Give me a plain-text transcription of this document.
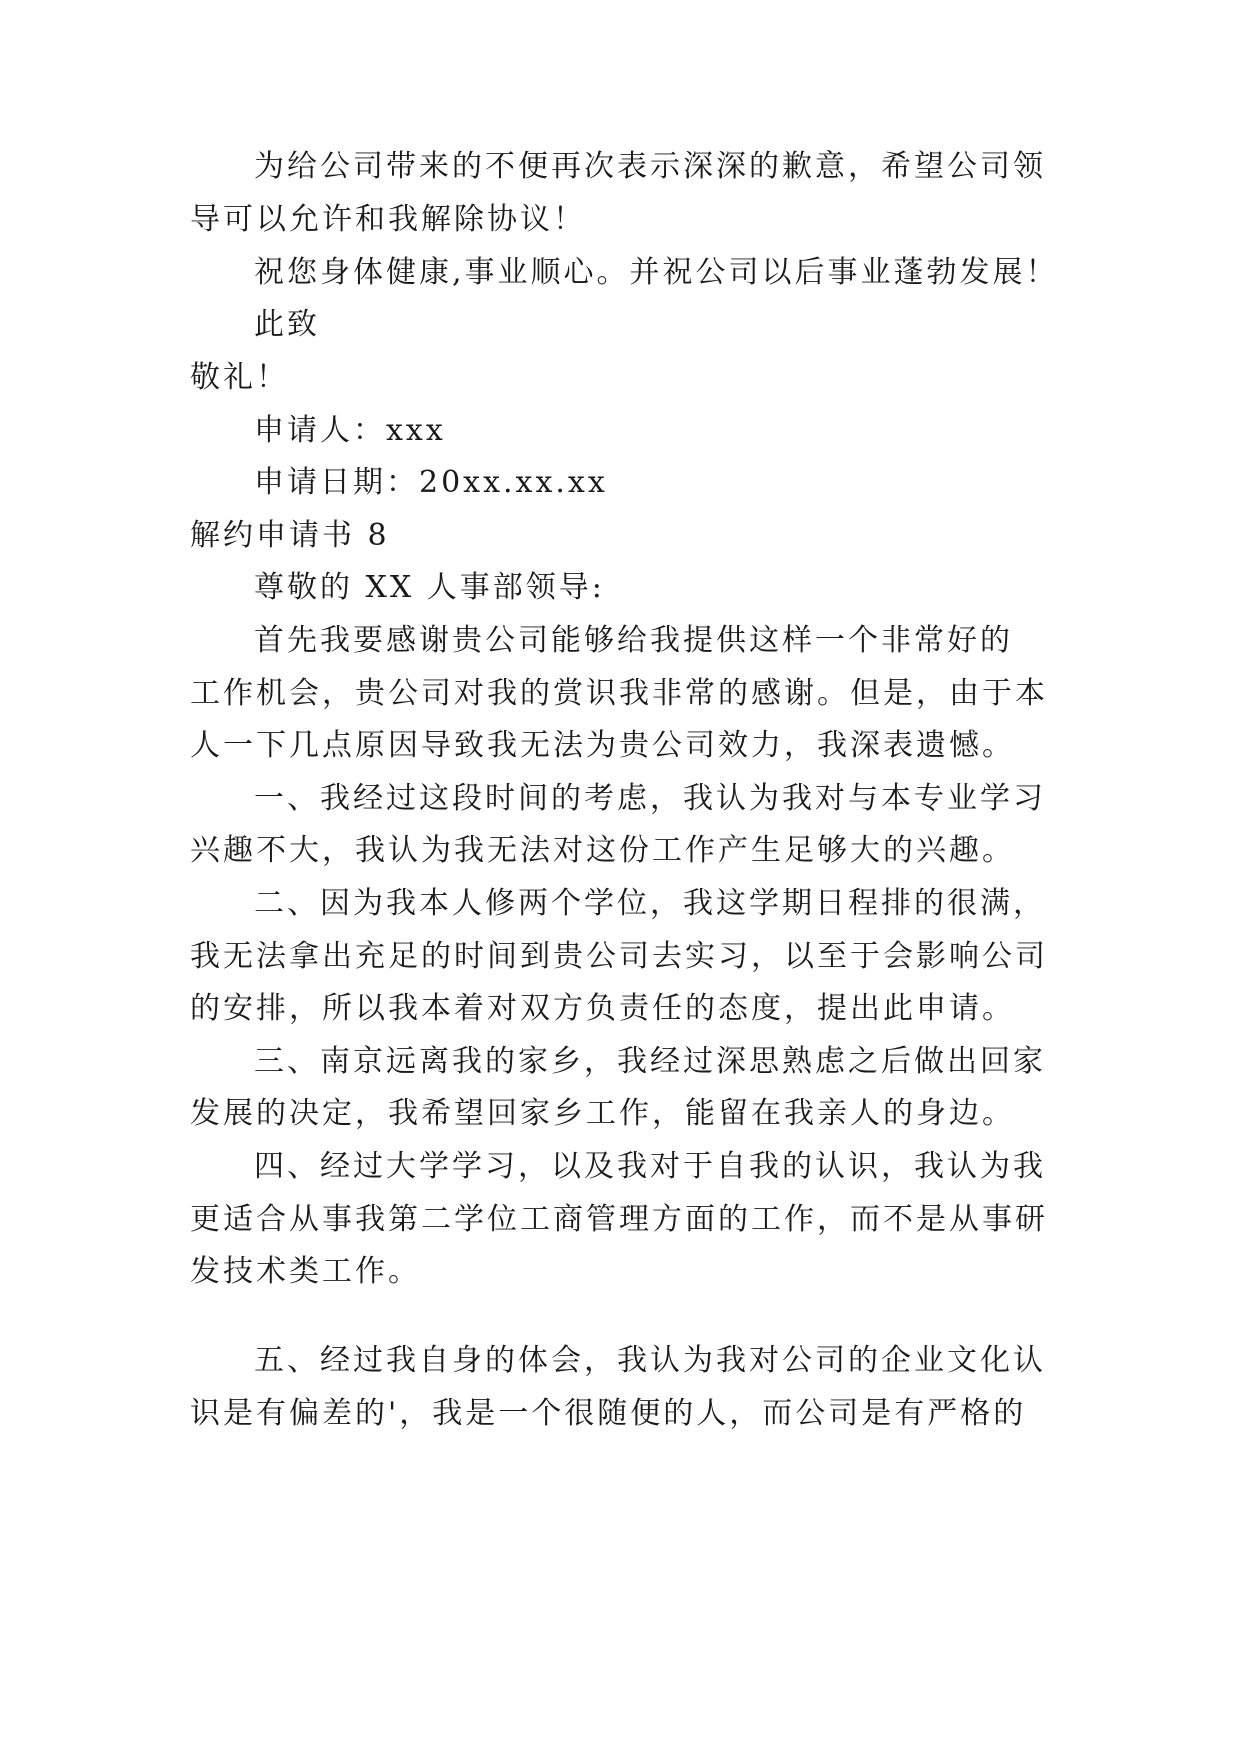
为给公司带来的不便再次表示深深的歉意，希望公司领
导可以允许和我解除协议！
祝您身体健康,事业顺心。并祝公司以后事业蓬勃发展！
此致
敬礼！
申请人：xxx
申请日期：20xx.xx.xx
解约申请书 8
尊敬的 XX 人事部领导:
首先我要感谢贵公司能够给我提供这样一个非常好的
工作机会，贵公司对我的赏识我非常的感谢。但是，由于本
人一下几点原因导致我无法为贵公司效力，我深表遗憾。
一、我经过这段时间的考虑，我认为我对与本专业学习
兴趣不大，我认为我无法对这份工作产生足够大的兴趣。
二、因为我本人修两个学位，我这学期日程排的很满，
我无法拿出充足的时间到贵公司去实习，以至于会影响公司
的安排，所以我本着对双方负责任的态度，提出此申请。
三、南京远离我的家乡，我经过深思熟虑之后做出回家
发展的决定，我希望回家乡工作，能留在我亲人的身边。
四、经过大学学习，以及我对于自我的认识，我认为我
更适合从事我第二学位工商管理方面的工作，而不是从事研
发技术类工作。
五、经过我自身的体会，我认为我对公司的企业文化认
识是有偏差的'，我是一个很随便的人，而公司是有严格的
